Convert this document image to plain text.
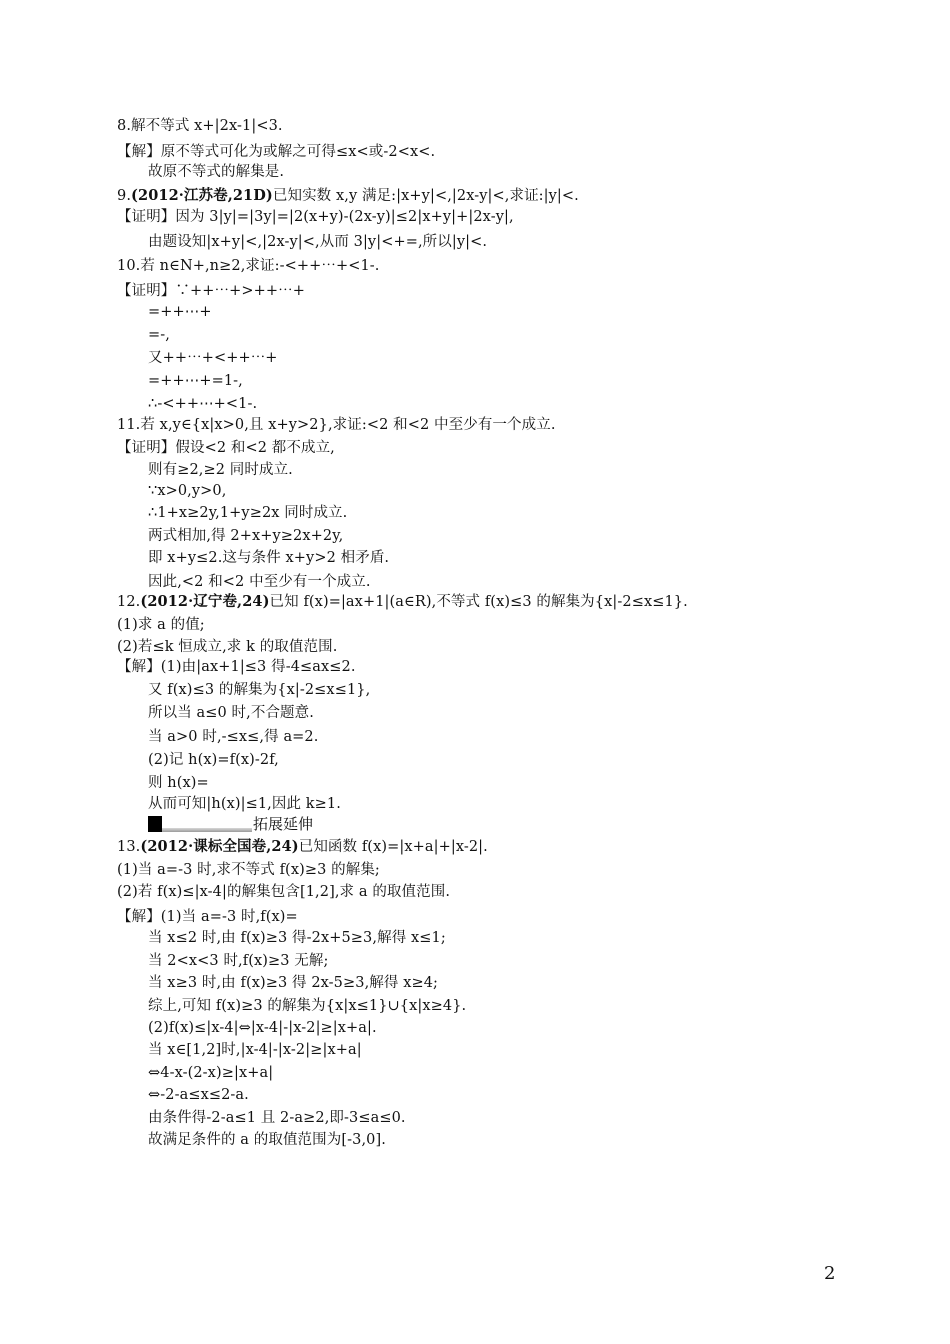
8.解不等式 x+|2x-1|<3.
【解】原不等式可化为或解之可得≤x<或-2<x<.
故原不等式的解集是.
9.(2012·江苏卷,21D)已知实数 x,y 满足:|x+y|<,|2x-y|<,求证:|y|<.
【证明】因为 3|y|=|3y|=|2(x+y)-(2x-y)|≤2|x+y|+|2x-y|,
由题设知|x+y|<,|2x-y|<,从而 3|y|<+=,所以|y|<.
10.若 n∈N+,n≥2,求证:-<++⋯+<1-.
【证明】∵++⋯+>++⋯+
=++⋯+
=-,
又++⋯+<++⋯+
=++⋯+=1-,
∴-<++⋯+<1-.
11.若 x,y∈{x|x>0,且 x+y>2},求证:<2 和<2 中至少有一个成立.
【证明】假设<2 和<2 都不成立,
则有≥2,≥2 同时成立.
∵x>0,y>0,
∴1+x≥2y,1+y≥2x 同时成立.
两式相加,得 2+x+y≥2x+2y,
即 x+y≤2.这与条件 x+y>2 相矛盾.
因此,<2 和<2 中至少有一个成立.
12.(2012·辽宁卷,24)已知 f(x)=|ax+1|(a∈R),不等式 f(x)≤3 的解集为{x|-2≤x≤1}.
(1)求 a 的值;
(2)若≤k 恒成立,求 k 的取值范围.
【解】(1)由|ax+1|≤3 得-4≤ax≤2.
又 f(x)≤3 的解集为{x|-2≤x≤1},
所以当 a≤0 时,不合题意.
当 a>0 时,-≤x≤,得 a=2.
(2)记 h(x)=f(x)-2f,
则 h(x)=
从而可知|h(x)|≤1,因此 k≥1.
13.(2012·课标全国卷,24)已知函数 f(x)=|x+a|+|x-2|.
(1)当 a=-3 时,求不等式 f(x)≥3 的解集;
(2)若 f(x)≤|x-4|的解集包含[1,2],求 a 的取值范围.
【解】(1)当 a=-3 时,f(x)=
当 x≤2 时,由 f(x)≥3 得-2x+5≥3,解得 x≤1;
当 2<x<3 时,f(x)≥3 无解;
当 x≥3 时,由 f(x)≥3 得 2x-5≥3,解得 x≥4;
综上,可知 f(x)≥3 的解集为{x|x≤1}∪{x|x≥4}.
(2)f(x)≤|x-4|⇔|x-4|-|x-2|≥|x+a|.
当 x∈[1,2]时,|x-4|-|x-2|≥|x+a|
⇔4-x-(2-x)≥|x+a|
⇔-2-a≤x≤2-a.
由条件得-2-a≤1 且 2-a≥2,即-3≤a≤0.
故满足条件的 a 的取值范围为[-3,0].
拓展延伸
2
